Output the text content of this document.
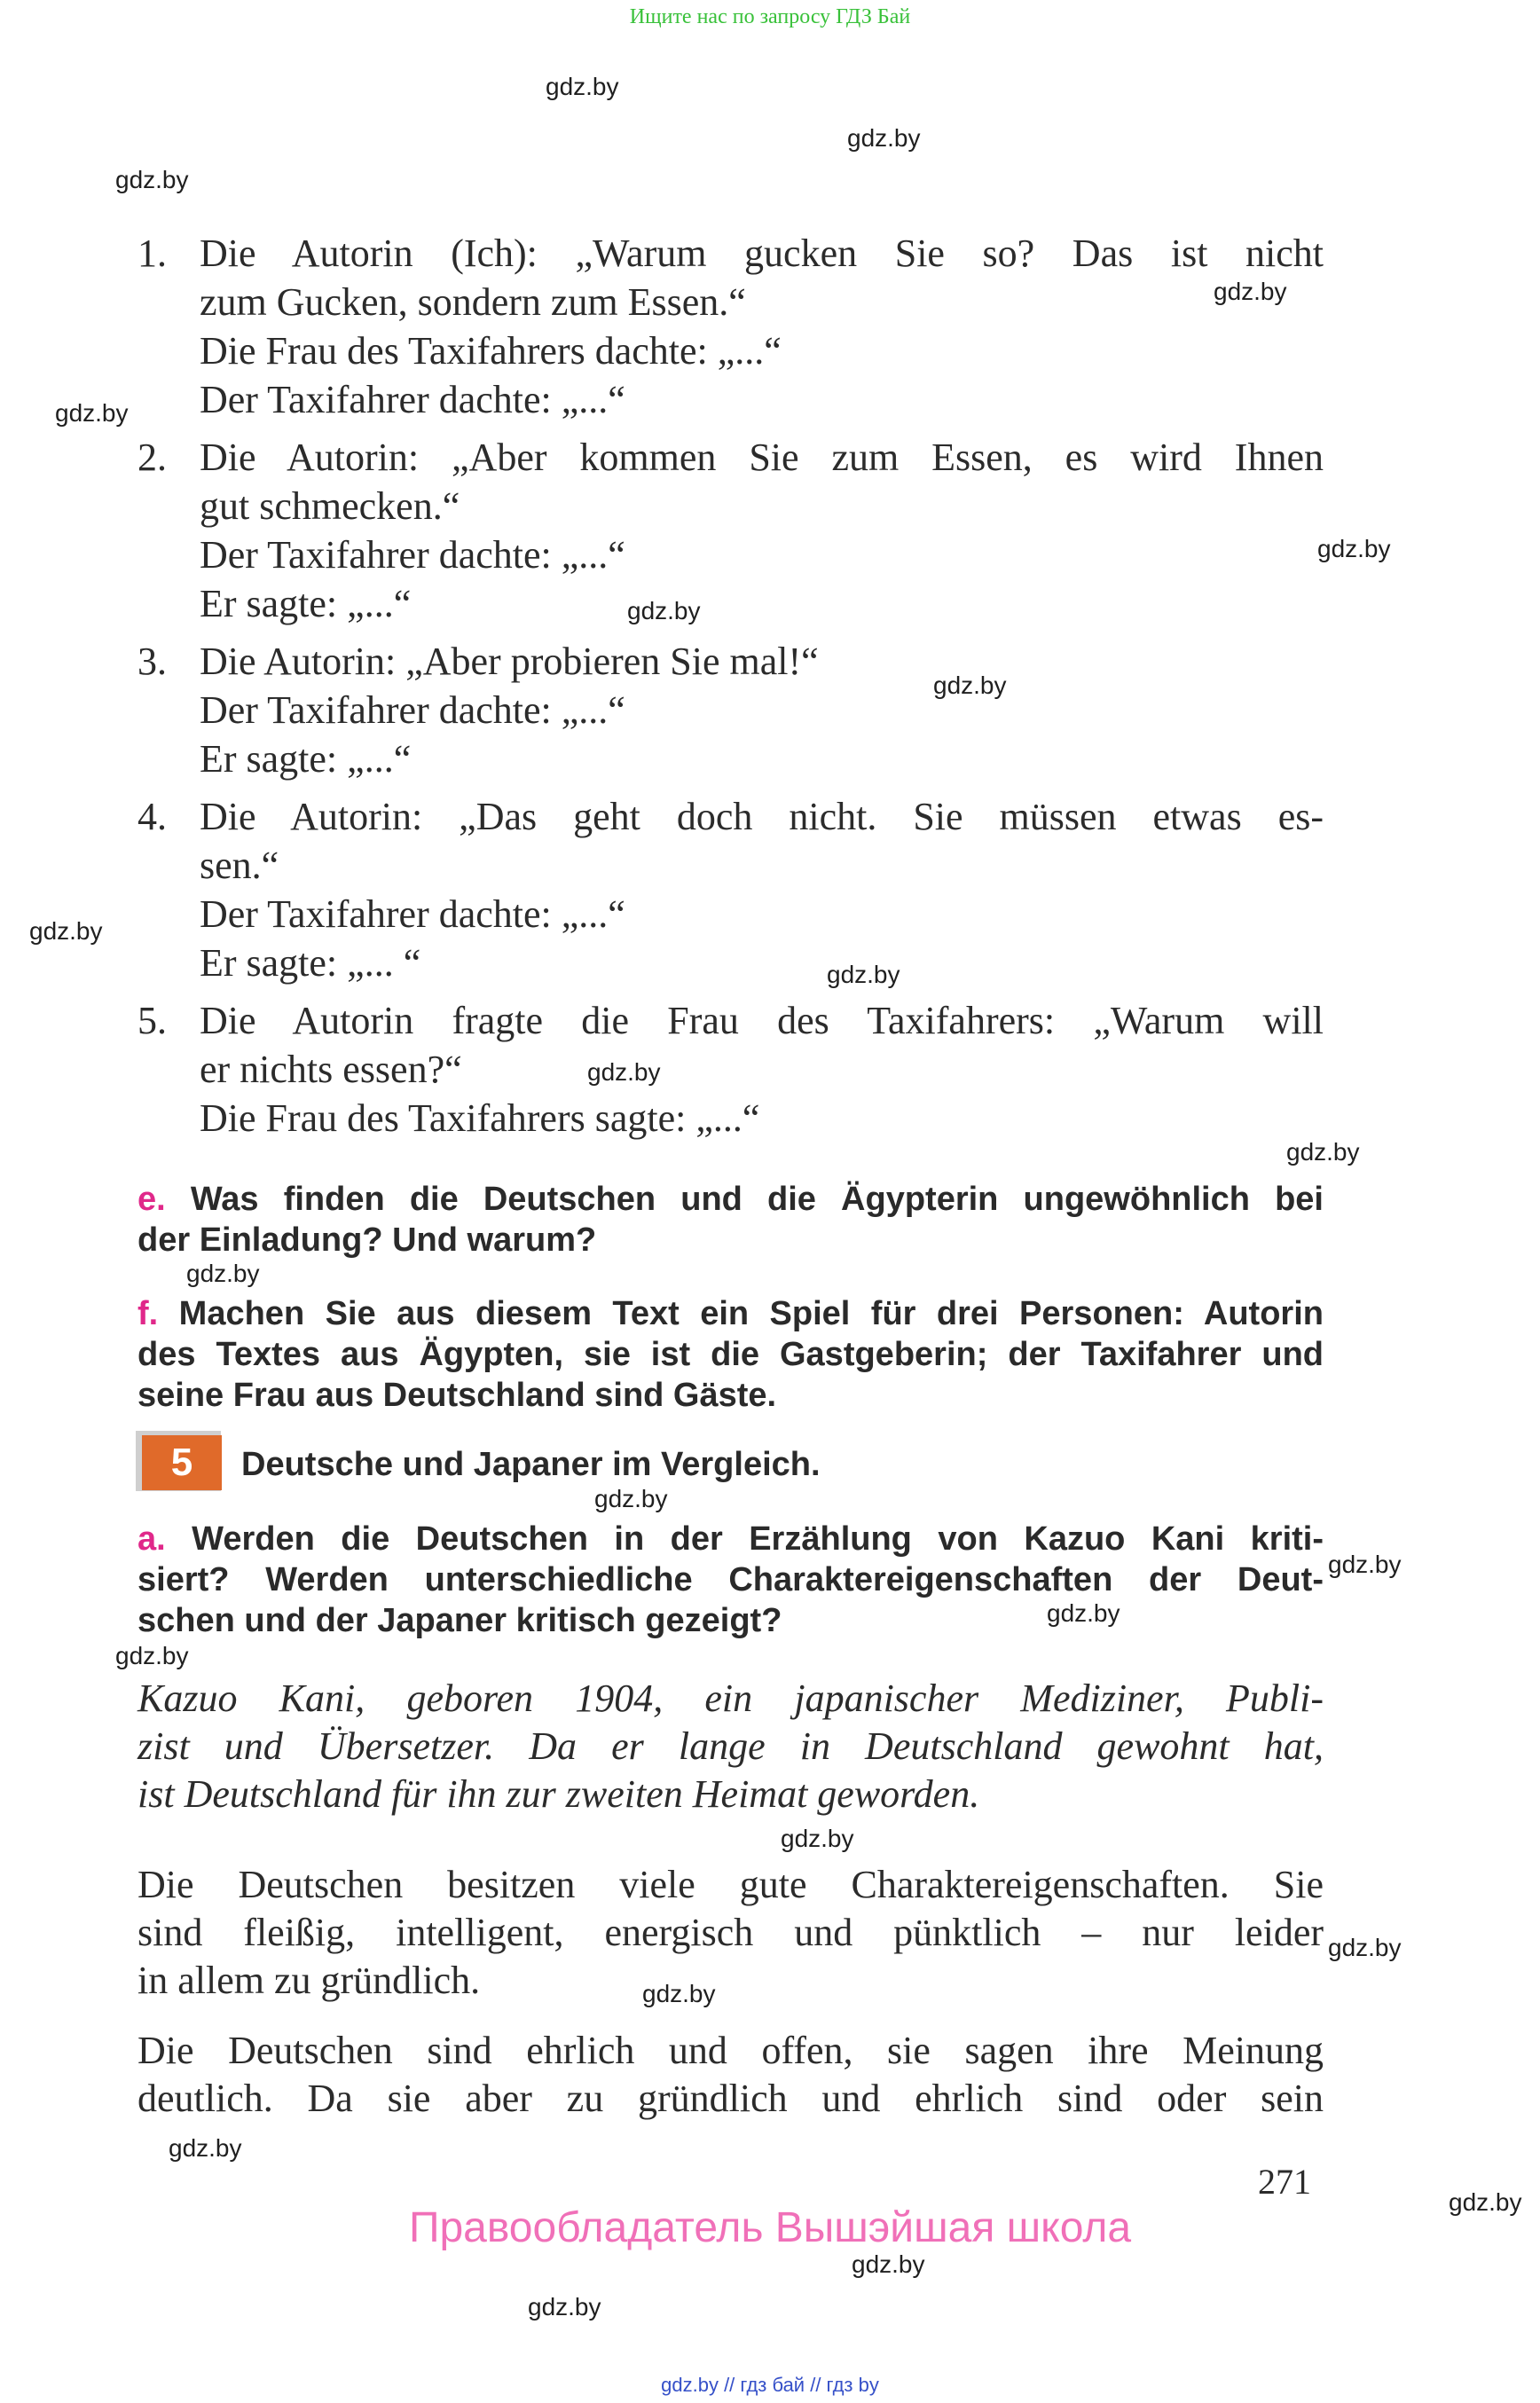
Ищите нас по запросу ГДЗ Бай
gdz.by
gdz.by
gdz.by
gdz.by
gdz.by
gdz.by
gdz.by
gdz.by
gdz.by
gdz.by
gdz.by
gdz.by
gdz.by
gdz.by
gdz.by
gdz.by
gdz.by
gdz.by
gdz.by
gdz.by
gdz.by
gdz.by
gdz.by
gdz.by
1. Die Autorin (Ich): „Warum gucken Sie so? Das ist nicht
zum Gucken, sondern zum Essen.“
Die Frau des Taxifahrers dachte: „...“
Der Taxifahrer dachte: „...“
2. Die Autorin: „Aber kommen Sie zum Essen, es wird Ihnen
gut schmecken.“
Der Taxifahrer dachte: „...“
Er sagte: „...“
3. Die Autorin: „Aber probieren Sie mal!“
Der Taxifahrer dachte: „...“
Er sagte: „...“
4. Die Autorin: „Das geht doch nicht. Sie müssen etwas es-
sen.“
Der Taxifahrer dachte: „...“
Er sagte: „... “
5. Die Autorin fragte die Frau des Taxifahrers: „Warum will
er nichts essen?“
Die Frau des Taxifahrers sagte: „...“
e. Was finden die Deutschen und die Ägypterin ungewöhnlich bei
der Einladung? Und warum?
f. Machen Sie aus diesem Text ein Spiel für drei Personen: Autorin
des Textes aus Ägypten, sie ist die Gastgeberin; der Taxifahrer und
seine Frau aus Deutschland sind Gäste.
5	Deutsche und Japaner im Vergleich.
a. Werden die Deutschen in der Erzählung von Kazuo Kani kriti-
siert? Werden unterschiedliche Charaktereigenschaften der Deut-
schen und der Japaner kritisch gezeigt?
Kazuo Kani, geboren 1904, ein japanischer Mediziner, Publi-
zist und Übersetzer. Da er lange in Deutschland gewohnt hat,
ist Deutschland für ihn zur zweiten Heimat geworden.
Die Deutschen besitzen viele gute Charaktereigenschaften. Sie
sind fleißig, intelligent, energisch und pünktlich – nur leider
in allem zu gründlich.
Die Deutschen sind ehrlich und offen, sie sagen ihre Meinung
deutlich. Da sie aber zu gründlich und ehrlich sind oder sein
271
Правообладатель Вышэйшая школа
gdz.by // гдз бай // гдз by
